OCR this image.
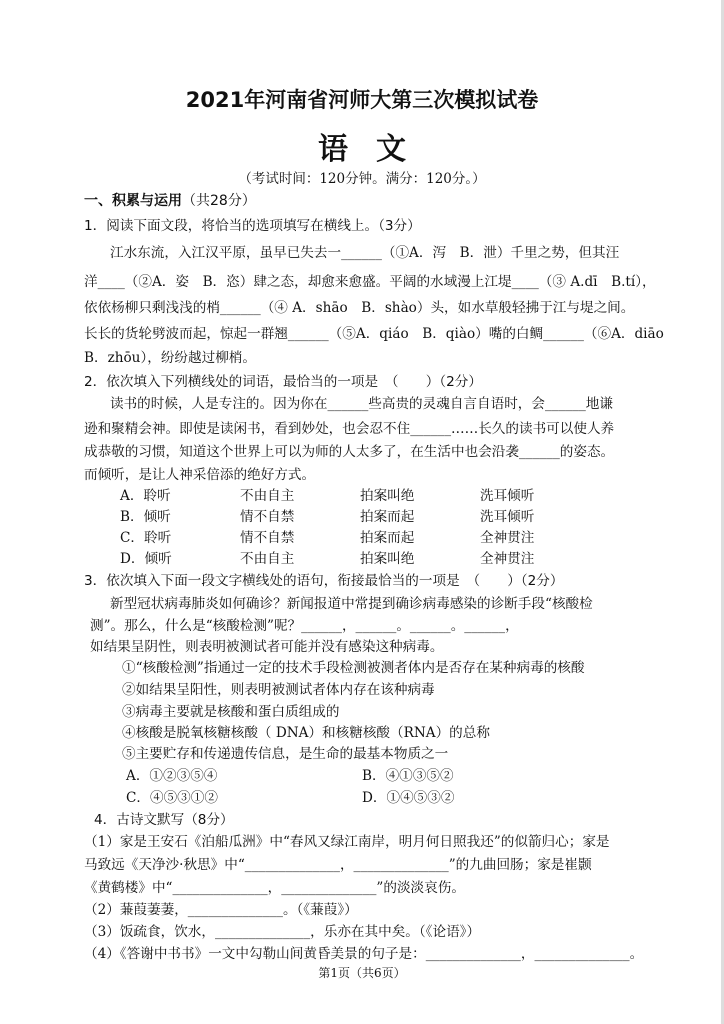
2021年河南省河师大第三次模拟试卷
语文
（考试时间：120分钟。满分：120分。）
一、积累与运用（共28分）
1．阅读下面文段，将恰当的选项填写在横线上。（3分）
江水东流，入江汉平原，虽早已失去一______（①A．泻　B．泄）千里之势，但其汪
洋____（②A．姿　B．恣）肆之态，却愈来愈盛。平阔的水域漫上江堤____（③ A.dī　B.tí），
依依杨柳只剩浅浅的梢______（④ A．shāo　B．shào）头，如水草般轻拂于江与堤之间。
长长的货轮劈波而起，惊起一群翘______（⑤A．qiáo　B．qiào）嘴的白鲷______（⑥A．diāo
B．zhōu），纷纷越过柳梢。
2．依次填入下列横线处的词语，最恰当的一项是　（　　）（2分）
读书的时候，人是专注的。因为你在______些高贵的灵魂自言自语时，会______地谦
逊和聚精会神。即使是读闲书，看到妙处，也会忍不住______……长久的读书可以使人养
成恭敬的习惯，知道这个世界上可以为师的人太多了，在生活中也会沿袭______的姿态。
而倾听，是让人神采倍添的绝好方式。
A．聆听	不由自主	拍案叫绝	洗耳倾听
B．倾听	情不自禁	拍案而起	洗耳倾听
C．聆听	情不自禁	拍案而起	全神贯注
D．倾听	不由自主	拍案叫绝	全神贯注
3．依次填入下面一段文字横线处的语句，衔接最恰当的一项是　（　　）（2分）
新型冠状病毒肺炎如何确诊？新闻报道中常提到确诊病毒感染的诊断手段“核酸检
测”。那么，什么是“核酸检测”呢？______，______。______。______，
如结果呈阴性，则表明被测试者可能并没有感染这种病毒。
①“核酸检测”指通过一定的技术手段检测被测者体内是否存在某种病毒的核酸
②如结果呈阳性，则表明被测试者体内存在该种病毒
③病毒主要就是核酸和蛋白质组成的
④核酸是脱氧核糖核酸（ DNA）和核糖核酸（RNA）的总称
⑤主要贮存和传递遗传信息，是生命的最基本物质之一
A．①②③⑤④	B．④①③⑤②
C．④⑤③①②	D．①④⑤③②
4．古诗文默写（8分）
（1）家是王安石《泊船瓜洲》中“春风又绿江南岸，明月何日照我还”的似箭归心；家是
马致远《天净沙·秋思》中“______________，______________”的九曲回肠；家是崔颢
《黄鹤楼》中“______________，______________”的淡淡哀伤。
（2）蒹葭萋萋，______________。（《蒹葭》）
（3）饭疏食，饮水，______________，乐亦在其中矣。（《论语》）
（4）《答谢中书书》一文中勾勒山间黄昏美景的句子是：______________，______________。
第1页（共6页）
